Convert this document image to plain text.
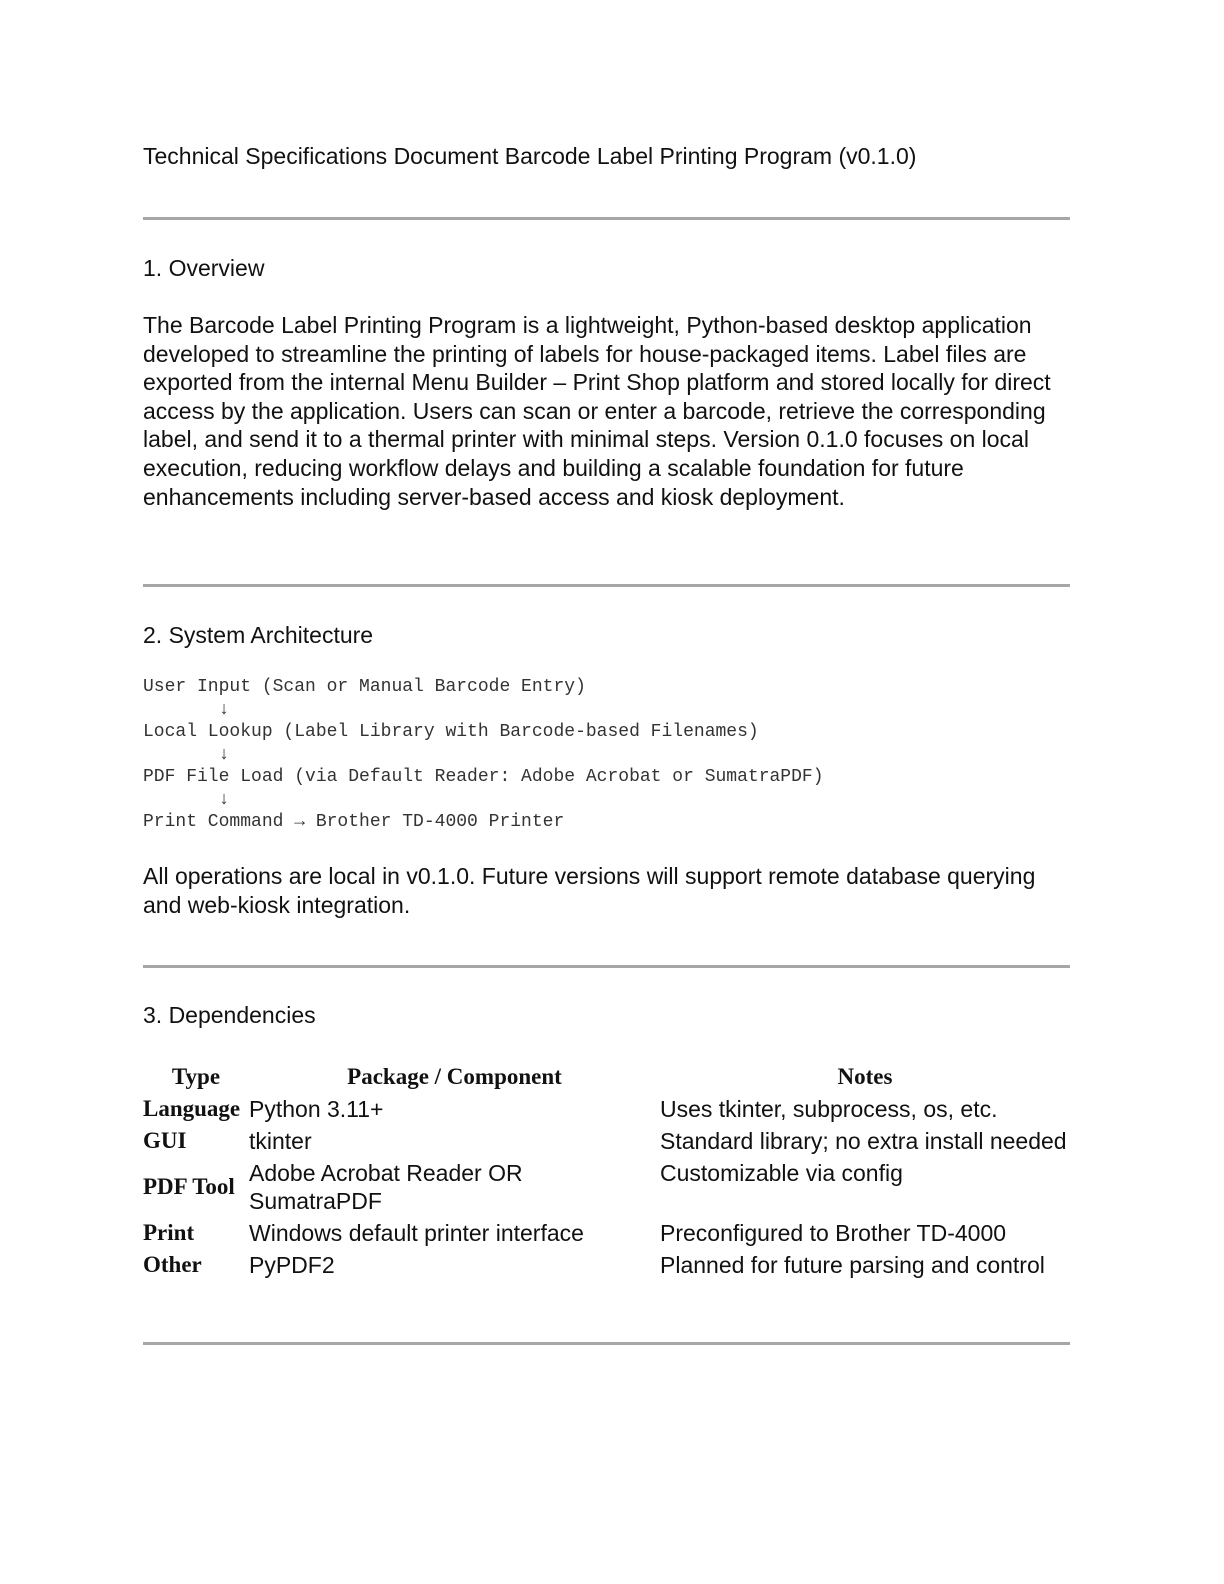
Technical Specifications Document Barcode Label Printing Program (v0.1.0)
1. Overview

The Barcode Label Printing Program is a lightweight, Python-based desktop application developed to streamline the printing of labels for house-packaged items. Label files are exported from the internal Menu Builder – Print Shop platform and stored locally for direct access by the application. Users can scan or enter a barcode, retrieve the corresponding label, and send it to a thermal printer with minimal steps. Version 0.1.0 focuses on local execution, reducing workflow delays and building a scalable foundation for future enhancements including server-based access and kiosk deployment.

2. System Architecture
User Input (Scan or Manual Barcode Entry)
↓
Local Lookup (Label Library with Barcode-based Filenames)
↓
PDF File Load (via Default Reader: Adobe Acrobat or SumatraPDF)
↓
Print Command → Brother TD-4000 Printer

All operations are local in v0.1.0. Future versions will support remote database querying and web-kiosk integration.

3. Dependencies
Type	Package / Component	Notes
Language	Python 3.11+	Uses tkinter, subprocess, os, etc.
GUI	tkinter	Standard library; no extra install needed
PDF Tool	Adobe Acrobat Reader OR SumatraPDF	Customizable via config
Print	Windows default printer interface	Preconfigured to Brother TD-4000
Other	PyPDF2	Planned for future parsing and control
